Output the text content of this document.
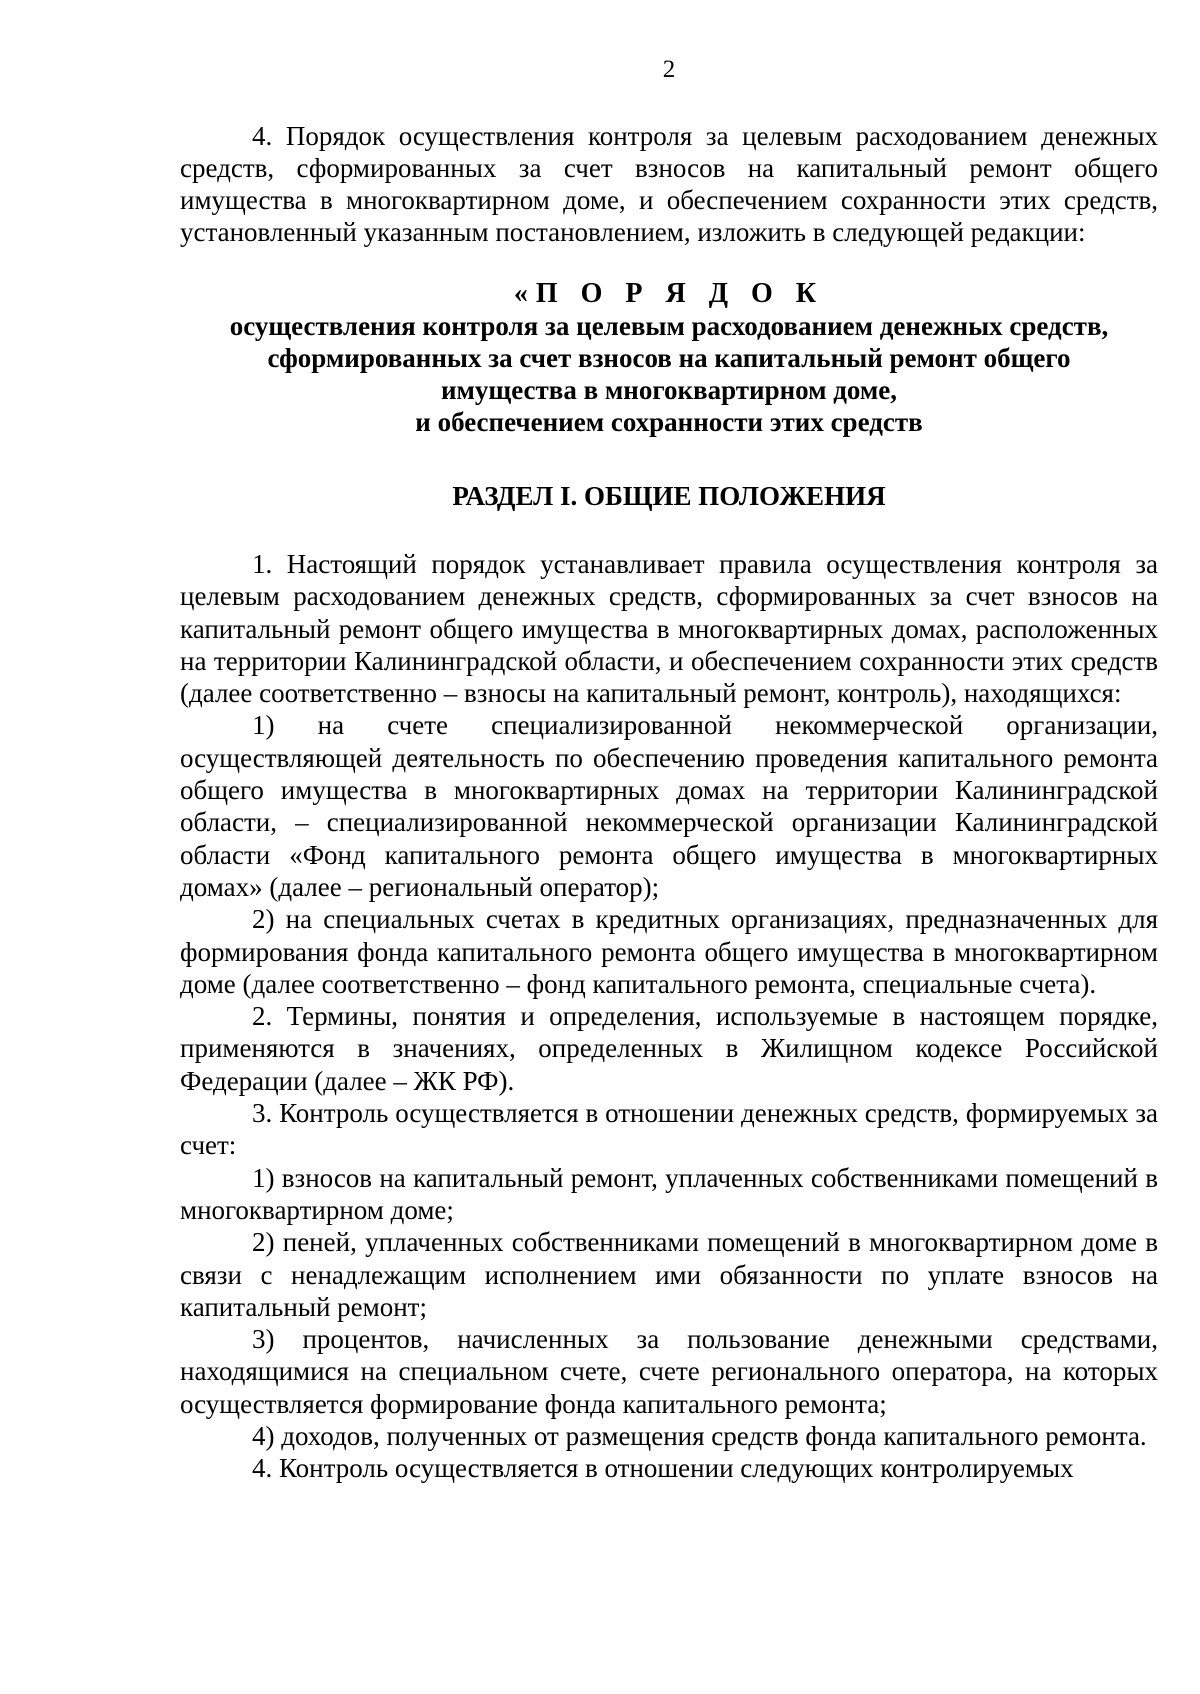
2

4. Порядок осуществления контроля за целевым расходованием денежных средств, сформированных за счет взносов на капитальный ремонт общего имущества в многоквартирном доме, и обеспечением сохранности этих средств, установленный указанным постановлением, изложить в следующей редакции:

«П О Р Я Д О К
осуществления контроля за целевым расходованием денежных средств,
сформированных за счет взносов на капитальный ремонт общего
имущества в многоквартирном доме,
и обеспечением сохранности этих средств
РАЗДЕЛ I. ОБЩИЕ ПОЛОЖЕНИЯ

1. Настоящий порядок устанавливает правила осуществления контроля за целевым расходованием денежных средств, сформированных за счет взносов на капитальный ремонт общего имущества в многоквартирных домах, расположенных на территории Калининградской области, и обеспечением сохранности этих средств (далее соответственно – взносы на капитальный ремонт, контроль), находящихся:

1) на счете специализированной некоммерческой организации, осуществляющей деятельность по обеспечению проведения капитального ремонта общего имущества в многоквартирных домах на территории Калининградской области, – специализированной некоммерческой организации Калининградской области «Фонд капитального ремонта общего имущества в многоквартирных домах» (далее – региональный оператор);

2) на специальных счетах в кредитных организациях, предназначенных для формирования фонда капитального ремонта общего имущества в многоквартирном доме (далее соответственно – фонд капитального ремонта, специальные счета).

2. Термины, понятия и определения, используемые в настоящем порядке, применяются в значениях, определенных в Жилищном кодексе Российской Федерации (далее – ЖК РФ).

3. Контроль осуществляется в отношении денежных средств, формируемых за счет:

1) взносов на капитальный ремонт, уплаченных собственниками помещений в многоквартирном доме;

2) пеней, уплаченных собственниками помещений в многоквартирном доме в связи с ненадлежащим исполнением ими обязанности по уплате взносов на капитальный ремонт;

3) процентов, начисленных за пользование денежными средствами, находящимися на специальном счете, счете регионального оператора, на которых осуществляется формирование фонда капитального ремонта;

4) доходов, полученных от размещения средств фонда капитального ремонта.

4. Контроль осуществляется в отношении следующих контролируемых
